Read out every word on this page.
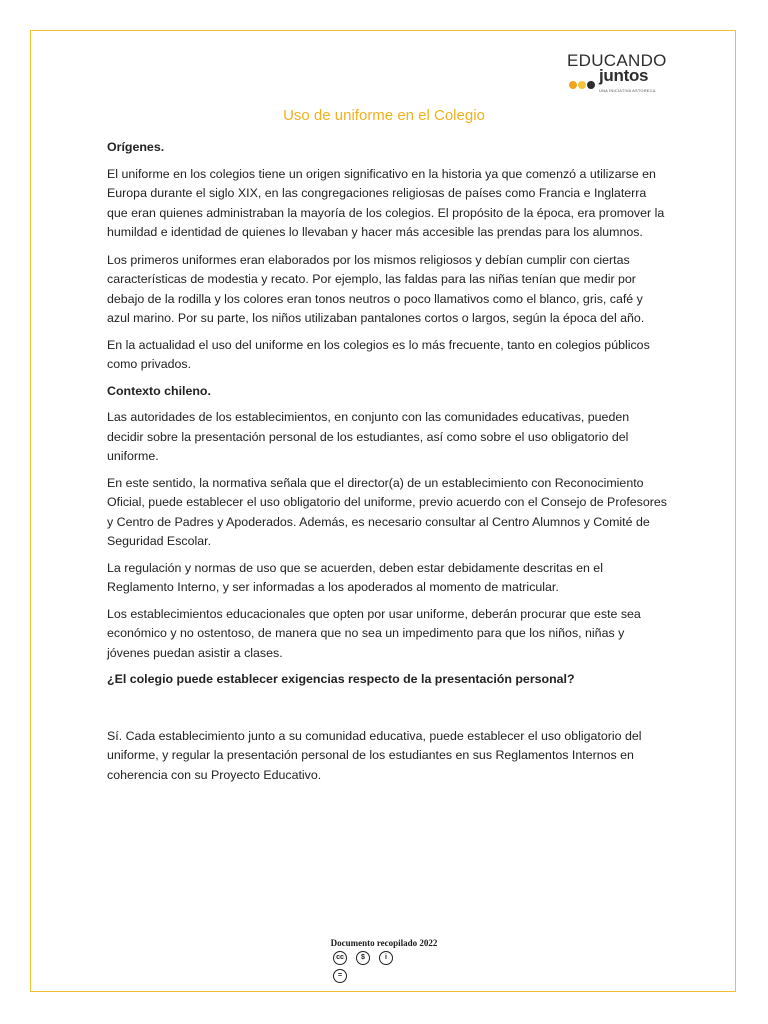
EDUCANDO
juntos
UNA INICIATIVA ASTORECA
Uso de uniforme en el Colegio

Orígenes.

El uniforme en los colegios tiene un origen significativo en la historia ya que comenzó a utilizarse en Europa durante el siglo XIX, en las congregaciones religiosas de países como Francia e Inglaterra que eran quienes administraban la mayoría de los colegios. El propósito de la época, era promover la humildad e identidad de quienes lo llevaban y hacer más accesible las prendas para los alumnos.

Los primeros uniformes eran elaborados por los mismos religiosos y debían cumplir con ciertas características de modestia y recato. Por ejemplo, las faldas para las niñas tenían que medir por debajo de la rodilla y los colores eran tonos neutros o poco llamativos como el blanco, gris, café y azul marino. Por su parte, los niños utilizaban pantalones cortos o largos, según la época del año.

En la actualidad el uso del uniforme en los colegios es lo más frecuente, tanto en colegios públicos como privados.

Contexto chileno.

Las autoridades de los establecimientos, en conjunto con las comunidades educativas, pueden decidir sobre la presentación personal de los estudiantes, así como sobre el uso obligatorio del uniforme.

En este sentido, la normativa señala que el director(a) de un establecimiento con Reconocimiento Oficial, puede establecer el uso obligatorio del uniforme, previo acuerdo con el Consejo de Profesores y Centro de Padres y Apoderados. Además, es necesario consultar al Centro Alumnos y Comité de Seguridad Escolar.

La regulación y normas de uso que se acuerden, deben estar debidamente descritas en el Reglamento Interno, y ser informadas a los apoderados al momento de matricular.

Los establecimientos educacionales que opten por usar uniforme, deberán procurar que este sea económico y no ostentoso, de manera que no sea un impedimento para que los niños, niñas y jóvenes puedan asistir a clases.

¿El colegio puede establecer exigencias respecto de la presentación personal?

Sí. Cada establecimiento junto a su comunidad educativa, puede establecer el uso obligatorio del uniforme, y regular la presentación personal de los estudiantes en sus Reglamentos Internos en coherencia con su Proyecto Educativo.

Documento recopilado 2022
cc $	i=
